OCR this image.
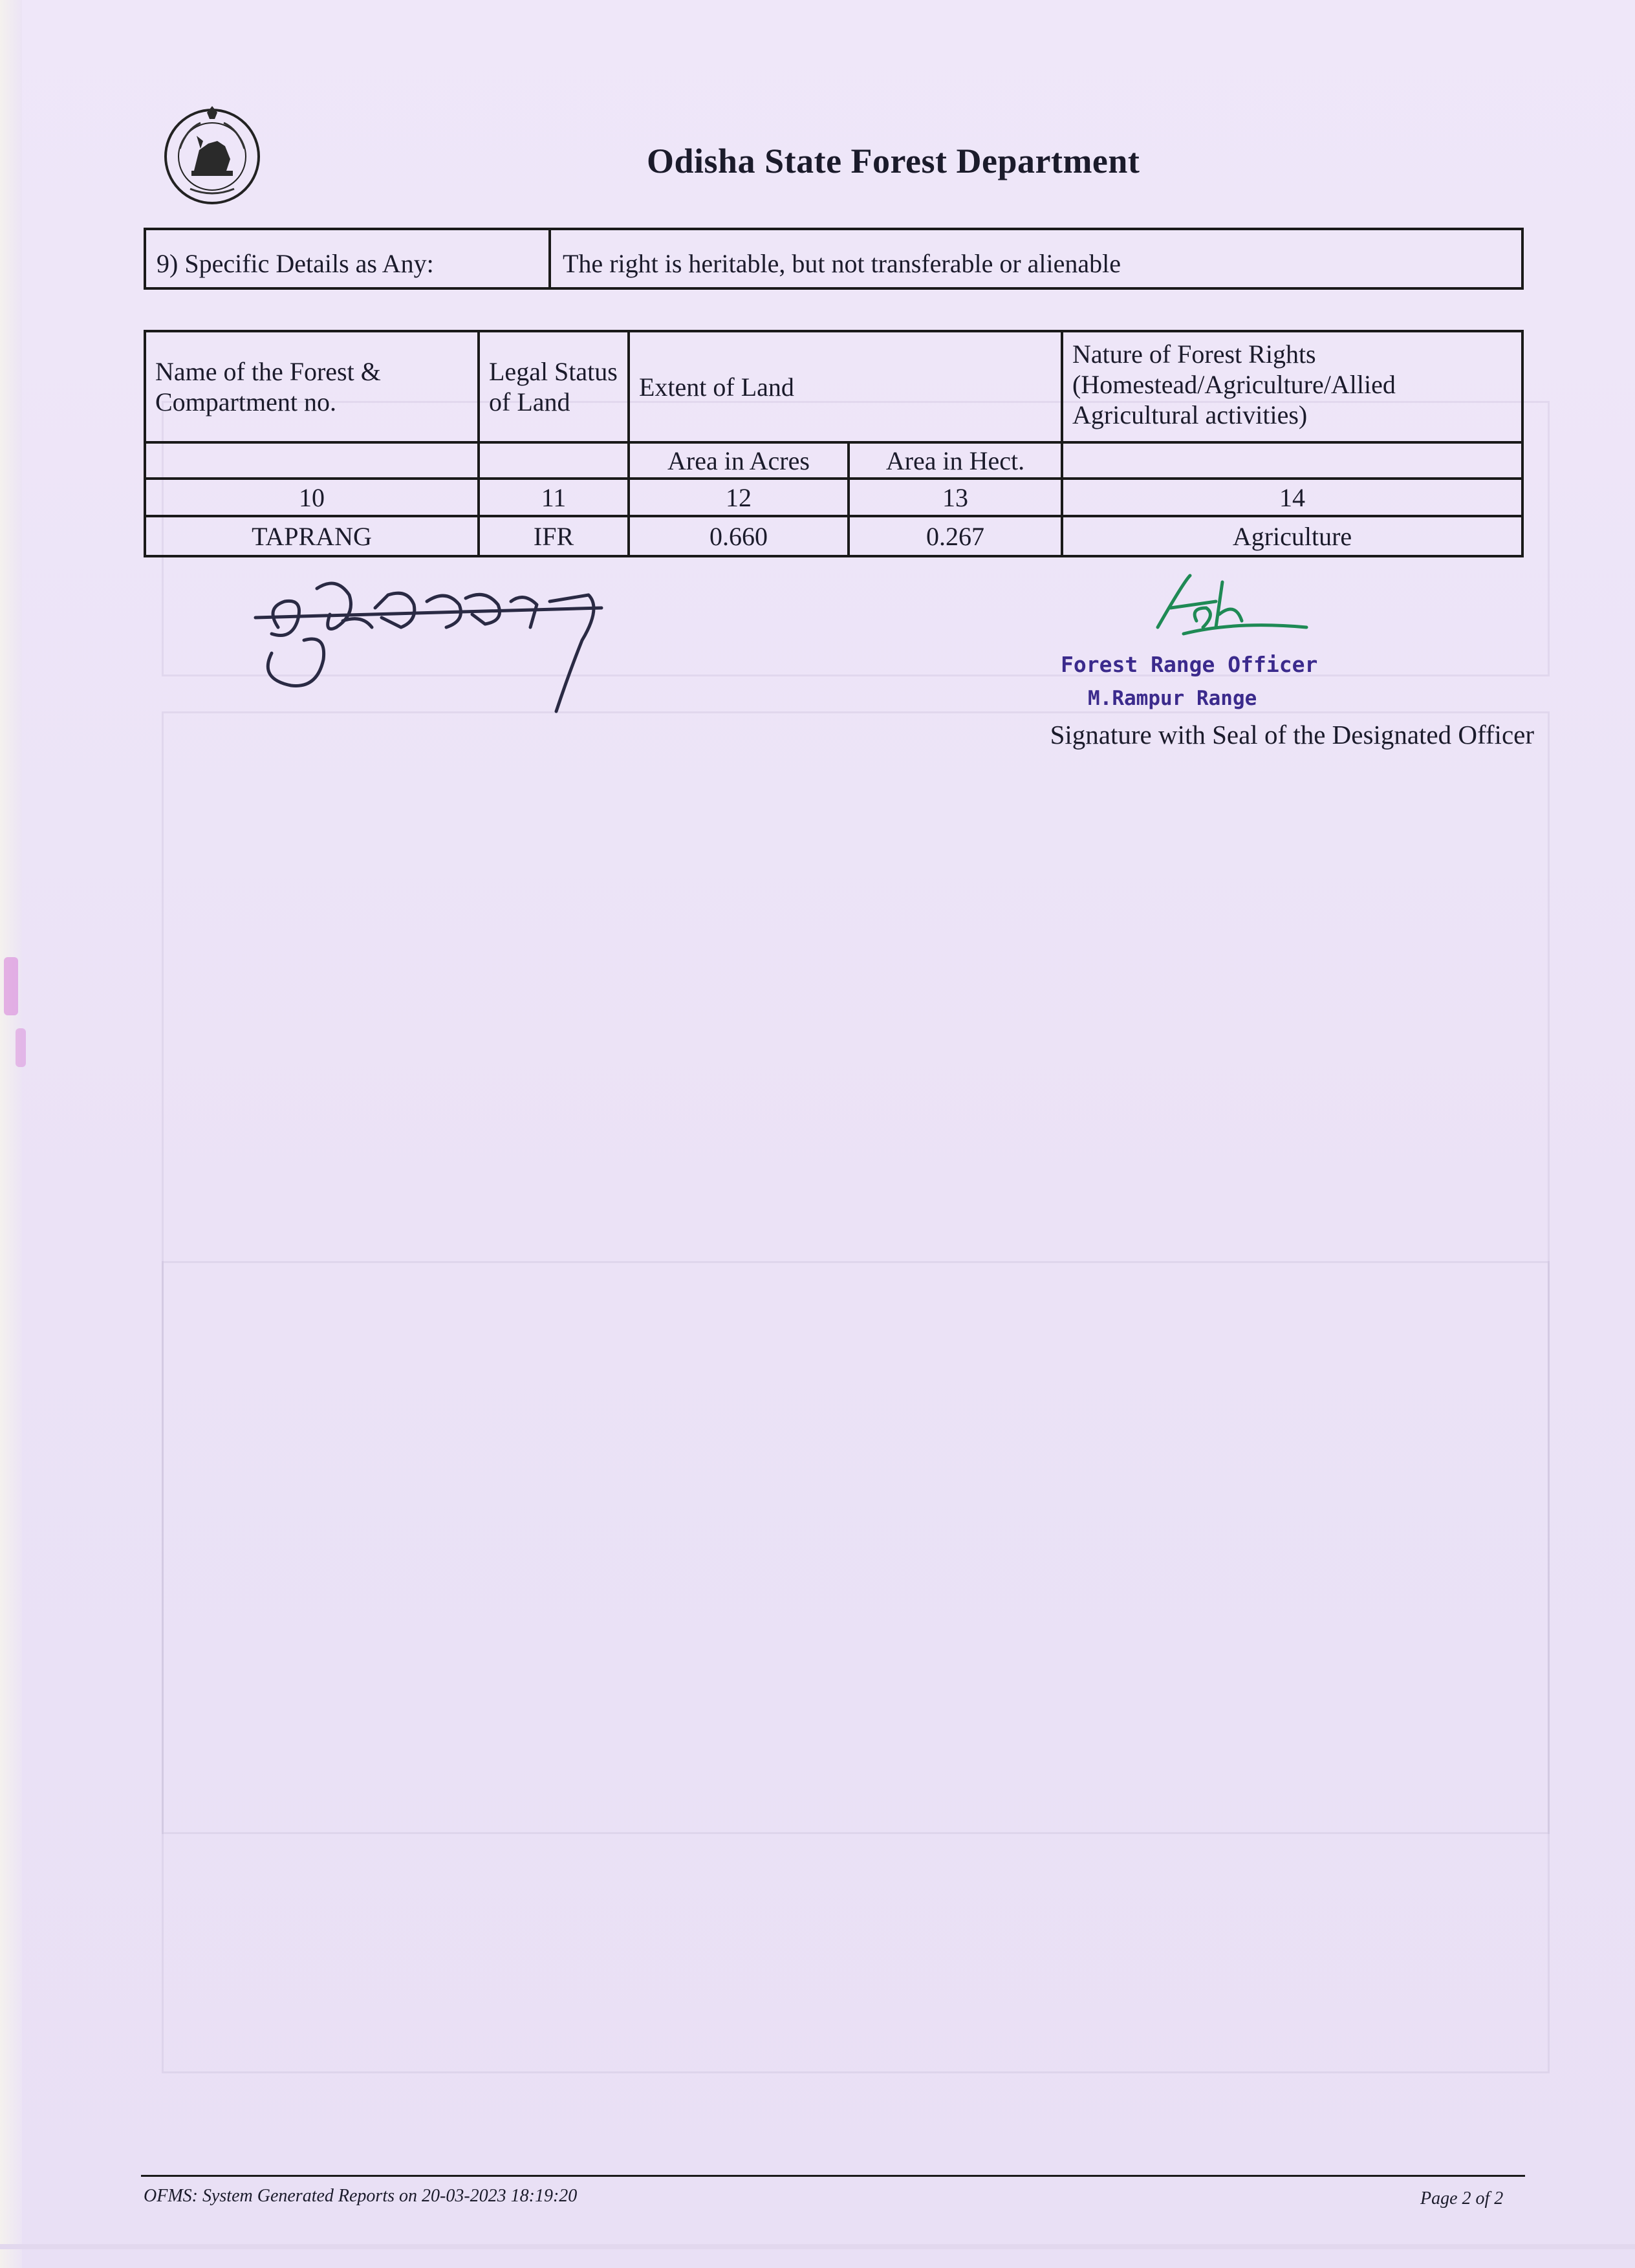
Odisha State Forest Department
9) Specific Details as Any:	The right is heritable, but not transferable or alienable
Name of the Forest & Compartment no.	Legal Status of Land	Extent of Land		Nature of Forest Rights (Homestead/Agriculture/Allied Agricultural activities)

		Area in Acres	Area in Hect.	
10	11	12	13	14
TAPRANG	IFR	0.660	0.267	Agriculture
Forest Range Officer
M.Rampur Range
Signature with Seal of the Designated Officer
OFMS: System Generated Reports on 20-03-2023 18:19:20	Page 2 of 2
